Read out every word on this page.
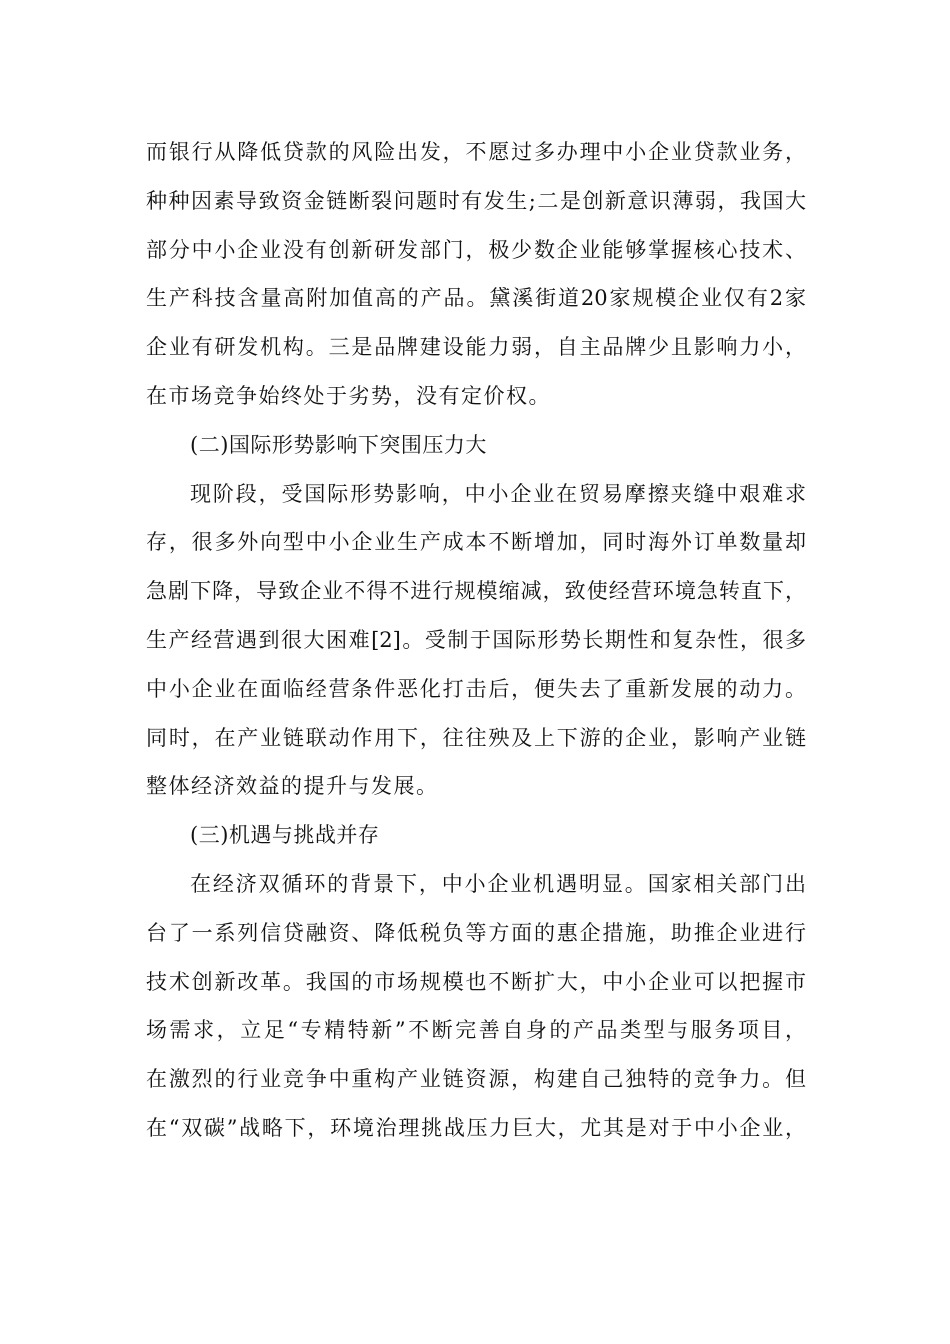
而银行从降低贷款的风险出发，不愿过多办理中小企业贷款业务，
种种因素导致资金链断裂问题时有发生;二是创新意识薄弱，我国大
部分中小企业没有创新研发部门，极少数企业能够掌握核心技术、
生产科技含量高附加值高的产品。黛溪街道20家规模企业仅有2家
企业有研发机构。三是品牌建设能力弱，自主品牌少且影响力小，
在市场竞争始终处于劣势，没有定价权。
(二)国际形势影响下突围压力大
现阶段，受国际形势影响，中小企业在贸易摩擦夹缝中艰难求
存，很多外向型中小企业生产成本不断增加，同时海外订单数量却
急剧下降，导致企业不得不进行规模缩减，致使经营环境急转直下，
生产经营遇到很大困难[2]。受制于国际形势长期性和复杂性，很多
中小企业在面临经营条件恶化打击后，便失去了重新发展的动力。
同时，在产业链联动作用下，往往殃及上下游的企业，影响产业链
整体经济效益的提升与发展。
(三)机遇与挑战并存
在经济双循环的背景下，中小企业机遇明显。国家相关部门出
台了一系列信贷融资、降低税负等方面的惠企措施，助推企业进行
技术创新改革。我国的市场规模也不断扩大，中小企业可以把握市
场需求，立足“专精特新”不断完善自身的产品类型与服务项目，
在激烈的行业竞争中重构产业链资源，构建自己独特的竞争力。但
在“双碳”战略下，环境治理挑战压力巨大，尤其是对于中小企业，
